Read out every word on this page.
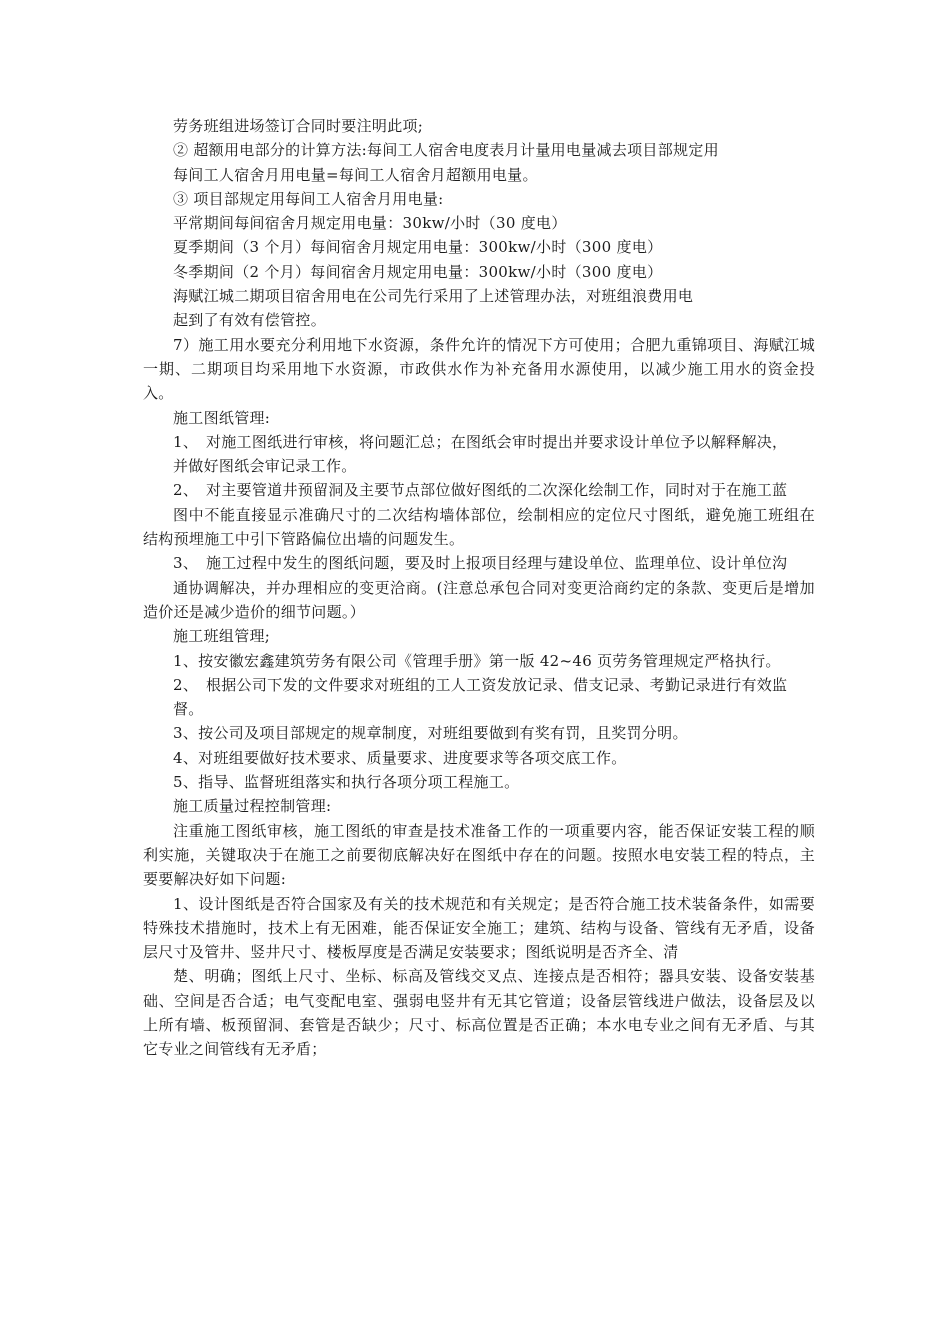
劳务班组进场签订合同时要注明此项;
② 超额用电部分的计算方法:每间工人宿舍电度表月计量用电量减去项目部规定用
每间工人宿舍月用电量=每间工人宿舍月超额用电量。
③ 项目部规定用每间工人宿舍月用电量:
平常期间每间宿舍月规定用电量：30kw/小时（30 度电）
夏季期间（3 个月）每间宿舍月规定用电量：300kw/小时（300 度电）
冬季期间（2 个月）每间宿舍月规定用电量：300kw/小时（300 度电）
海赋江城二期项目宿舍用电在公司先行采用了上述管理办法，对班组浪费用电
起到了有效有偿管控。
7）施工用水要充分利用地下水资源，条件允许的情况下方可使用；合肥九重锦项目、海赋江城一期、二期项目均采用地下水资源，市政供水作为补充备用水源使用，以减少施工用水的资金投入。
施工图纸管理:
1、　对施工图纸进行审核，将问题汇总；在图纸会审时提出并要求设计单位予以解释解决，
并做好图纸会审记录工作。
2、　对主要管道井预留洞及主要节点部位做好图纸的二次深化绘制工作，同时对于在施工蓝
图中不能直接显示准确尺寸的二次结构墙体部位，绘制相应的定位尺寸图纸，避免施工班组在结构预埋施工中引下管路偏位出墙的问题发生。
3、　施工过程中发生的图纸问题，要及时上报项目经理与建设单位、监理单位、设计单位沟
通协调解决，并办理相应的变更洽商。(注意总承包合同对变更洽商约定的条款、变更后是增加造价还是减少造价的细节问题。）
施工班组管理;
1、按安徽宏鑫建筑劳务有限公司《管理手册》第一版 42~46 页劳务管理规定严格执行。
2、　根据公司下发的文件要求对班组的工人工资发放记录、借支记录、考勤记录进行有效监
督。
3、按公司及项目部规定的规章制度，对班组要做到有奖有罚，且奖罚分明。
4、对班组要做好技术要求、质量要求、进度要求等各项交底工作。
5、指导、监督班组落实和执行各项分项工程施工。
施工质量过程控制管理:
注重施工图纸审核，施工图纸的审查是技术准备工作的一项重要内容，能否保证安装工程的顺利实施，关键取决于在施工之前要彻底解决好在图纸中存在的问题。按照水电安装工程的特点，主要要解决好如下问题:
1、设计图纸是否符合国家及有关的技术规范和有关规定；是否符合施工技术装备条件，如需要特殊技术措施时，技术上有无困难，能否保证安全施工；建筑、结构与设备、管线有无矛盾，设备层尺寸及管井、竖井尺寸、楼板厚度是否满足安装要求；图纸说明是否齐全、清
楚、明确；图纸上尺寸、坐标、标高及管线交叉点、连接点是否相符；器具安装、设备安装基础、空间是否合适；电气变配电室、强弱电竖井有无其它管道；设备层管线进户做法，设备层及以上所有墙、板预留洞、套管是否缺少；尺寸、标高位置是否正确；本水电专业之间有无矛盾、与其它专业之间管线有无矛盾；
